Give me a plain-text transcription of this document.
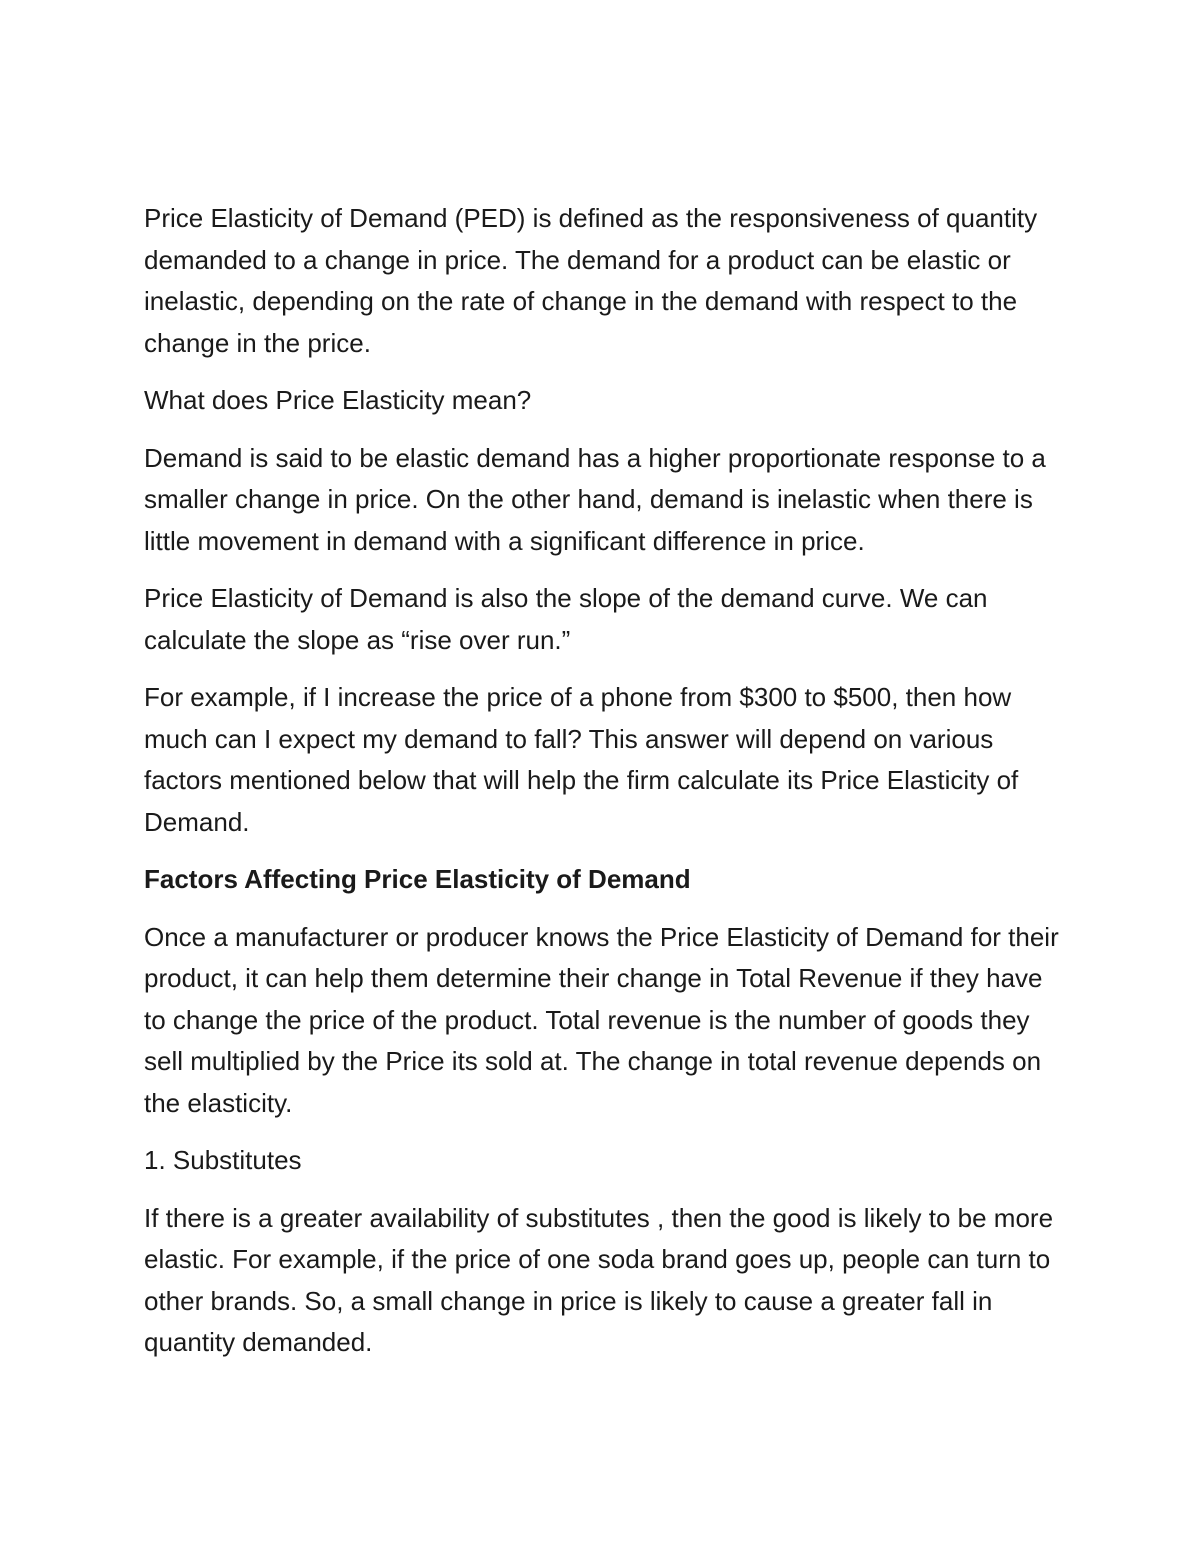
Price Elasticity of Demand (PED) is defined as the responsiveness of quantity demanded to a change in price. The demand for a product can be elastic or inelastic, depending on the rate of change in the demand with respect to the change in the price.

What does Price Elasticity mean?

Demand is said to be elastic demand has a higher proportionate response to a smaller change in price. On the other hand, demand is inelastic when there is little movement in demand with a significant difference in price.

Price Elasticity of Demand is also the slope of the demand curve. We can calculate the slope as “rise over run.”

For example, if I increase the price of a phone from $300 to $500, then how much can I expect my demand to fall? This answer will depend on various factors mentioned below that will help the firm calculate its Price Elasticity of Demand.

Factors Affecting Price Elasticity of Demand

Once a manufacturer or producer knows the Price Elasticity of Demand for their product, it can help them determine their change in Total Revenue if they have to change the price of the product. Total revenue is the number of goods they sell multiplied by the Price its sold at. The change in total revenue depends on the elasticity.

1. Substitutes

If there is a greater availability of substitutes , then the good is likely to be more elastic. For example, if the price of one soda brand goes up, people can turn to other brands. So, a small change in price is likely to cause a greater fall in quantity demanded.
